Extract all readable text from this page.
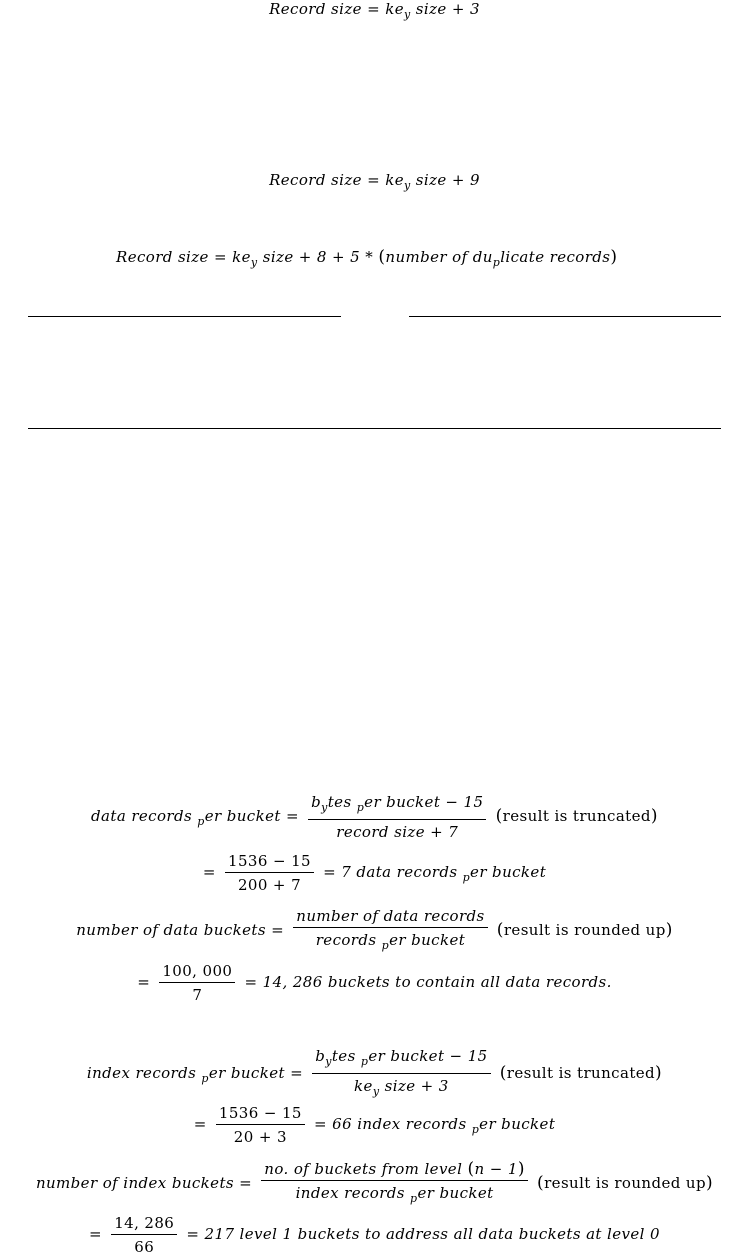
Record size = $ke_y$ size + 3
Record size = $ke_y$ size + 9
Record size = $ke_y$ size + 8 + 5 * (number of $du_plicate$ records)
data records $_p$er bucket = $\frac{b_ytes _per bucket - 15}{\text{record size + 7}}$ (result is truncated)
= $\frac{1536 - 15}{200 + 7} = 7$ data records $_p$er bucket
number of data buckets = $\frac{\text{number of data records}}{records _per bucket}$ (result is rounded up)
= $\frac{100, 000}{7} = 14$, 286 buckets to contain all data records.
index records $_p$er bucket = $\frac{b_ytes _per bucket - 15}{ke_y size + 3}$ (result is truncated)
= $\frac{1536 - 15}{20 + 3} = 66$ index records $_p$er bucket
number of index buckets = $\frac{\text{no. of buckets from level (n − 1)}}{index records _per bucket}$ (result is rounded up)
= $\frac{14, 286}{66} = 217$ level 1 buckets to address all data buckets at level 0
